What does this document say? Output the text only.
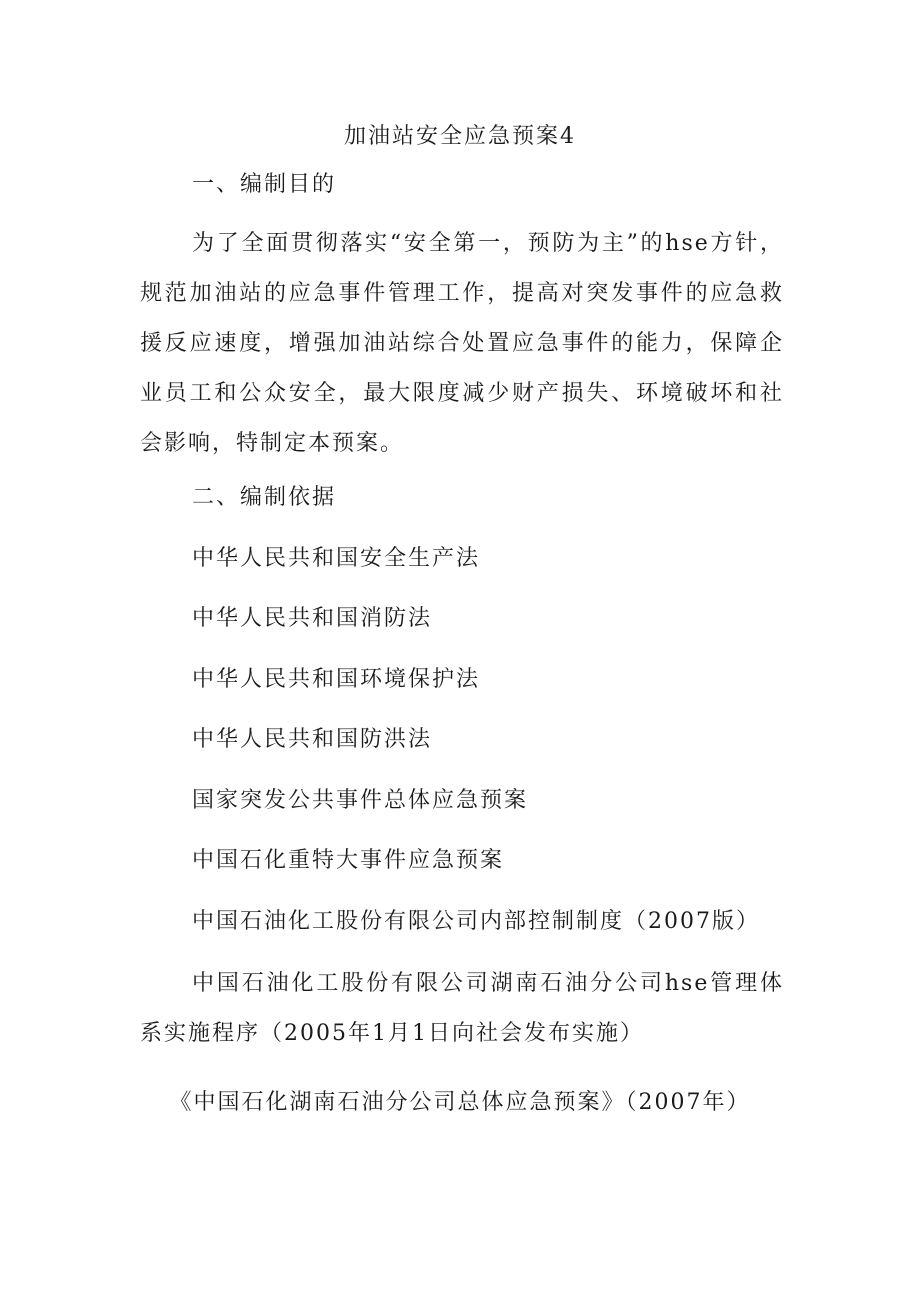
加油站安全应急预案4
一、编制目的
为了全面贯彻落实“安全第一，预防为主”的hse方针，规范加油站的应急事件管理工作，提高对突发事件的应急救援反应速度，增强加油站综合处置应急事件的能力，保障企业员工和公众安全，最大限度减少财产损失、环境破坏和社会影响，特制定本预案。
二、编制依据
中华人民共和国安全生产法
中华人民共和国消防法
中华人民共和国环境保护法
中华人民共和国防洪法
国家突发公共事件总体应急预案
中国石化重特大事件应急预案
中国石油化工股份有限公司内部控制制度（2007版）
中国石油化工股份有限公司湖南石油分公司hse管理体系实施程序（2005年1月1日向社会发布实施）
《中国石化湖南石油分公司总体应急预案》（2007年）
